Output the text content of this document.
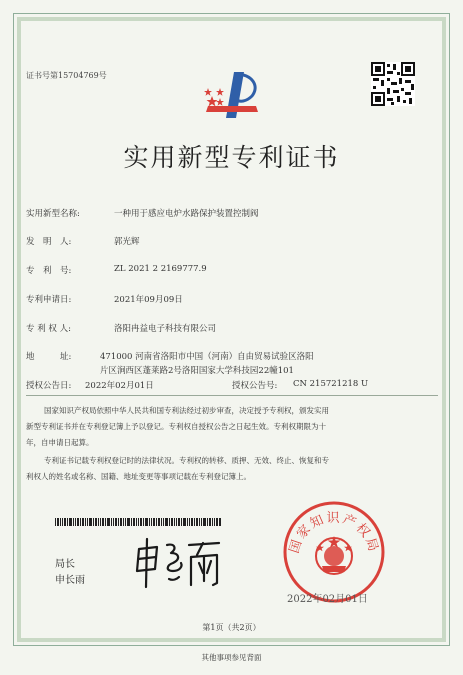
证书号第15704769号
实用新型专利证书
实用新型名称:	一种用于感应电炉水路保护装置控制阀
发　明　人:	郭光辉
专　利　号:	ZL 2021 2 2169777.9
专利申请日:	2021年09月09日
专 利 权 人:	洛阳冉益电子科技有限公司
地　　　址:	471000 河南省洛阳市中国（河南）自由贸易试验区洛阳
片区涧西区蓬莱路2号洛阳国家大学科技园22幢101
授权公告日: 2022年02月01日	授权公告号: CN 215721218 U
国家知识产权局依照中华人民共和国专利法经过初步审查，决定授予专利权，颁发实用
新型专利证书并在专利登记簿上予以登记。专利权自授权公告之日起生效。专利权期限为十
年，自申请日起算。
专利证书记载专利权登记时的法律状况。专利权的转移、质押、无效、终止、恢复和专
利权人的姓名或名称、国籍、地址变更等事项记载在专利登记簿上。
局长
申长雨
国家知识产权局
2022年02月01日
第1页（共2页）
其他事项参见背面
